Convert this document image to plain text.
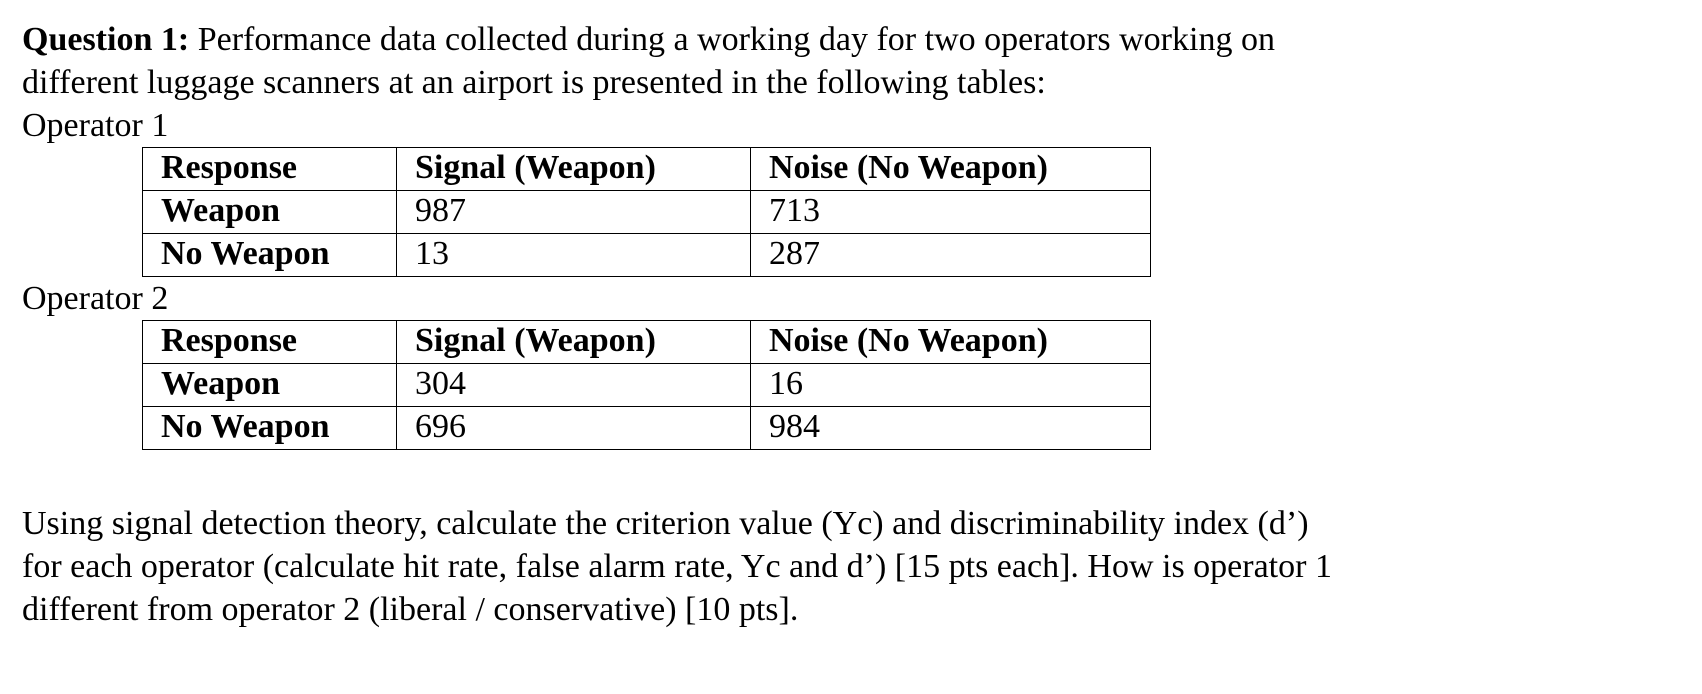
Question 1: Performance data collected during a working day for two operators working on

different luggage scanners at an airport is presented in the following tables:

Operator 1

Response	Signal (Weapon)	Noise (No Weapon)
Weapon	987	713
No Weapon	13	287

Operator 2

Response	Signal (Weapon)	Noise (No Weapon)
Weapon	304	16
No Weapon	696	984

Using signal detection theory, calculate the criterion value (Yc) and discriminability index (d’)

for each operator (calculate hit rate, false alarm rate, Yc and d’) [15 pts each]. How is operator 1

different from operator 2 (liberal / conservative) [10 pts].
